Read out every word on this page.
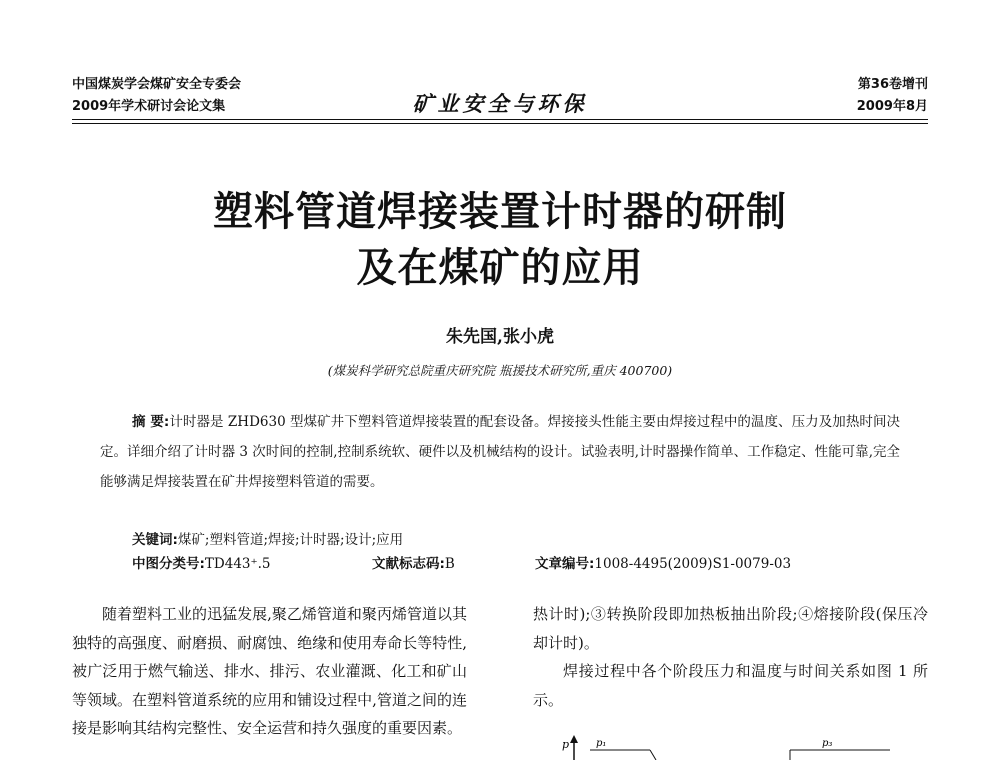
中国煤炭学会煤矿安全专委会
2009年学术研讨会论文集	矿业安全与环保
第36卷增刊
2009年8月
塑料管道焊接装置计时器的研制
及在煤矿的应用
朱先国,张小虎
(煤炭科学研究总院重庆研究院 瓶援技术研究所,重庆 400700)
摘 要:计时器是 ZHD630 型煤矿井下塑料管道焊接装置的配套设备。焊接接头性能主要由焊接过程中的温度、压力及加热时间决定。详细介绍了计时器 3 次时间的控制,控制系统软、硬件以及机械结构的设计。试验表明,计时器操作简单、工作稳定、性能可靠,完全能够满足焊接装置在矿井焊接塑料管道的需要。
关键词:煤矿;塑料管道;焊接;计时器;设计;应用
中图分类号:TD443⁺.5	文献标志码:B	文章编号:1008-4495(2009)S1-0079-03

随着塑料工业的迅猛发展,聚乙烯管道和聚丙烯管道以其独特的高强度、耐磨损、耐腐蚀、绝缘和使用寿命长等特性,被广泛用于燃气输送、排水、排污、农业灌溉、化工和矿山等领域。在塑料管道系统的应用和铺设过程中,管道之间的连接是影响其结构完整性、安全运营和持久强度的重要因素。

热计时);③转换阶段即加热板抽出阶段;④熔接阶段(保压冷却计时)。

焊接过程中各个阶段压力和温度与时间关系如图 1 所示。

p	p₁	p₃
